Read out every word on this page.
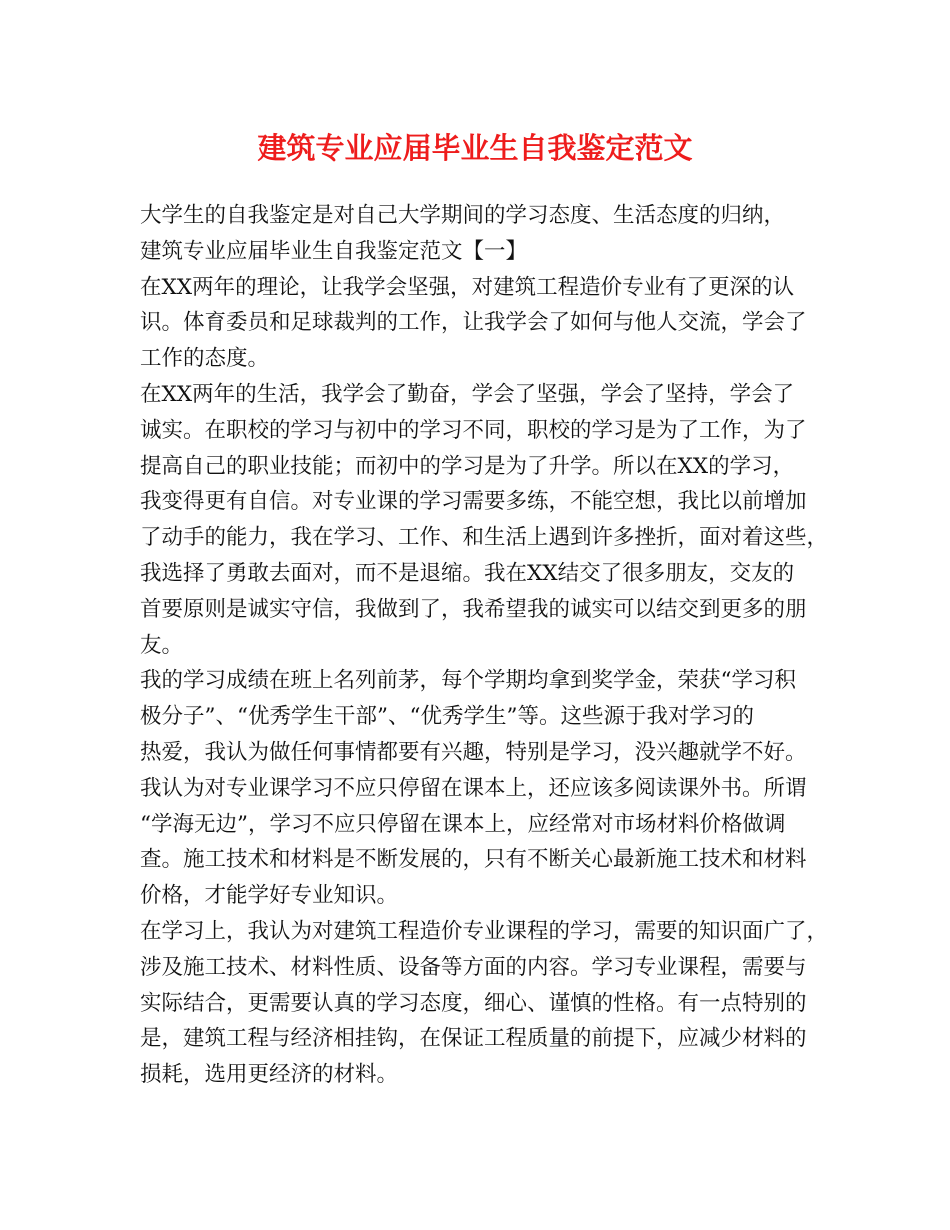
建筑专业应届毕业生自我鉴定范文

大学生的自我鉴定是对自己大学期间的学习态度、生活态度的归纳，

建筑专业应届毕业生自我鉴定范文【一】

在XX两年的理论，让我学会坚强，对建筑工程造价专业有了更深的认

识。体育委员和足球裁判的工作，让我学会了如何与他人交流，学会了

工作的态度。

在XX两年的生活，我学会了勤奋，学会了坚强，学会了坚持，学会了

诚实。在职校的学习与初中的学习不同，职校的学习是为了工作，为了

提高自己的职业技能；而初中的学习是为了升学。所以在XX的学习，

我变得更有自信。对专业课的学习需要多练，不能空想，我比以前增加

了动手的能力，我在学习、工作、和生活上遇到许多挫折，面对着这些，

我选择了勇敢去面对，而不是退缩。我在XX结交了很多朋友，交友的

首要原则是诚实守信，我做到了，我希望我的诚实可以结交到更多的朋

友。

我的学习成绩在班上名列前茅，每个学期均拿到奖学金，荣获“学习积

极分子”、“优秀学生干部”、“优秀学生”等。这些源于我对学习的

热爱，我认为做任何事情都要有兴趣，特别是学习，没兴趣就学不好。

我认为对专业课学习不应只停留在课本上，还应该多阅读课外书。所谓

“学海无边”，学习不应只停留在课本上，应经常对市场材料价格做调

查。施工技术和材料是不断发展的，只有不断关心最新施工技术和材料

价格，才能学好专业知识。

在学习上，我认为对建筑工程造价专业课程的学习，需要的知识面广了，

涉及施工技术、材料性质、设备等方面的内容。学习专业课程，需要与

实际结合，更需要认真的学习态度，细心、谨慎的性格。有一点特别的

是，建筑工程与经济相挂钩，在保证工程质量的前提下，应减少材料的

损耗，选用更经济的材料。
